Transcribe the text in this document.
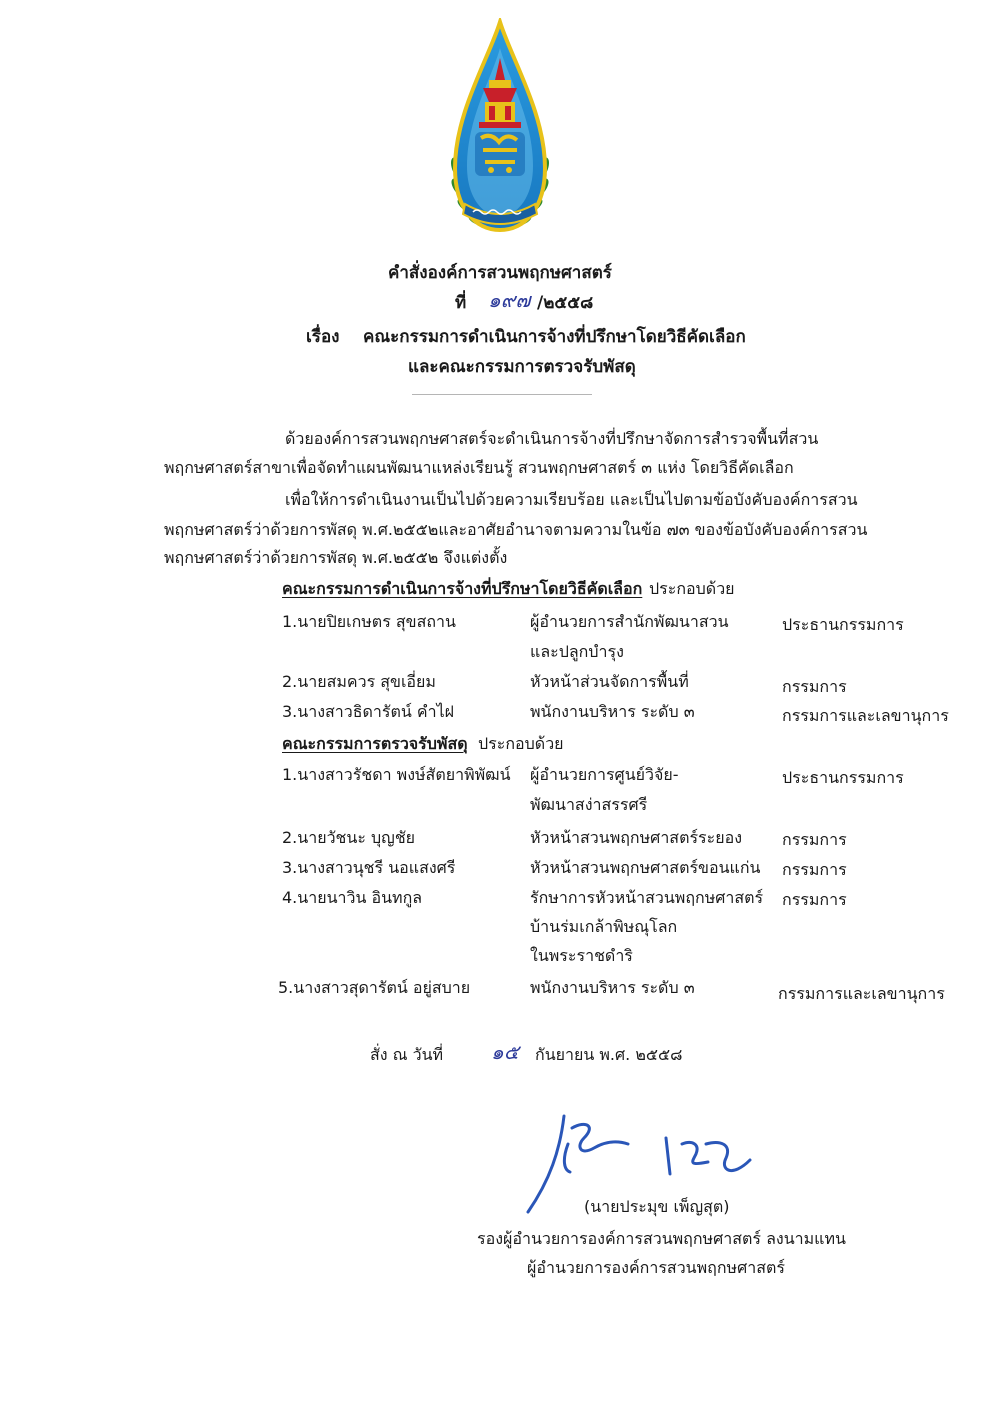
คำสั่งองค์การสวนพฤกษศาสตร์
ที่ ๑๙๗ /๒๕๕๘
เรื่อง คณะกรรมการดำเนินการจ้างที่ปรึกษาโดยวิธีคัดเลือก
และคณะกรรมการตรวจรับพัสดุ
ด้วยองค์การสวนพฤกษศาสตร์จะดำเนินการจ้างที่ปรึกษาจัดการสำรวจพื้นที่สวน
พฤกษศาสตร์สาขาเพื่อจัดทำแผนพัฒนาแหล่งเรียนรู้ สวนพฤกษศาสตร์ ๓ แห่ง โดยวิธีคัดเลือก
เพื่อให้การดำเนินงานเป็นไปด้วยความเรียบร้อย และเป็นไปตามข้อบังคับองค์การสวน
พฤกษศาสตร์ว่าด้วยการพัสดุ พ.ศ.๒๕๕๒และอาศัยอำนาจตามความในข้อ ๗๓ ของข้อบังคับองค์การสวน
พฤกษศาสตร์ว่าด้วยการพัสดุ พ.ศ.๒๕๕๒ จึงแต่งตั้ง
คณะกรรมการดำเนินการจ้างที่ปรึกษาโดยวิธีคัดเลือก ประกอบด้วย
1.นายปิยเกษตร สุขสถาน	ผู้อำนวยการสำนักพัฒนาสวน
และปลูกบำรุง
ประธานกรรมการ
2.นายสมควร สุขเอี่ยม	หัวหน้าส่วนจัดการพื้นที่	กรรมการ
3.นางสาวธิดารัตน์ คำไฝ	พนักงานบริหาร ระดับ ๓	กรรมการและเลขานุการ
คณะกรรมการตรวจรับพัสดุ ประกอบด้วย
1.นางสาวรัชดา พงษ์สัตยาพิพัฒน์ ผู้อำนวยการศูนย์วิจัย-
พัฒนาสง่าสรรศรี
ประธานกรรมการ
2.นายวัชนะ บุญชัย	หัวหน้าสวนพฤกษศาสตร์ระยอง กรรมการ
3.นางสาวนุชรี นอแสงศรี	หัวหน้าสวนพฤกษศาสตร์ขอนแก่น กรรมการ
4.นายนาวิน อินทกูล	รักษาการหัวหน้าสวนพฤกษศาสตร์
บ้านร่มเกล้าพิษณุโลก
ในพระราชดำริ
กรรมการ
5.นางสาวสุดารัตน์ อยู่สบาย	พนักงานบริหาร ระดับ ๓	กรรมการและเลขานุการ
สั่ง ณ วันที่ ๑๕ กันยายน พ.ศ. ๒๕๕๘
(นายประมุข เพ็ญสุต)
รองผู้อำนวยการองค์การสวนพฤกษศาสตร์ ลงนามแทน
ผู้อำนวยการองค์การสวนพฤกษศาสตร์
